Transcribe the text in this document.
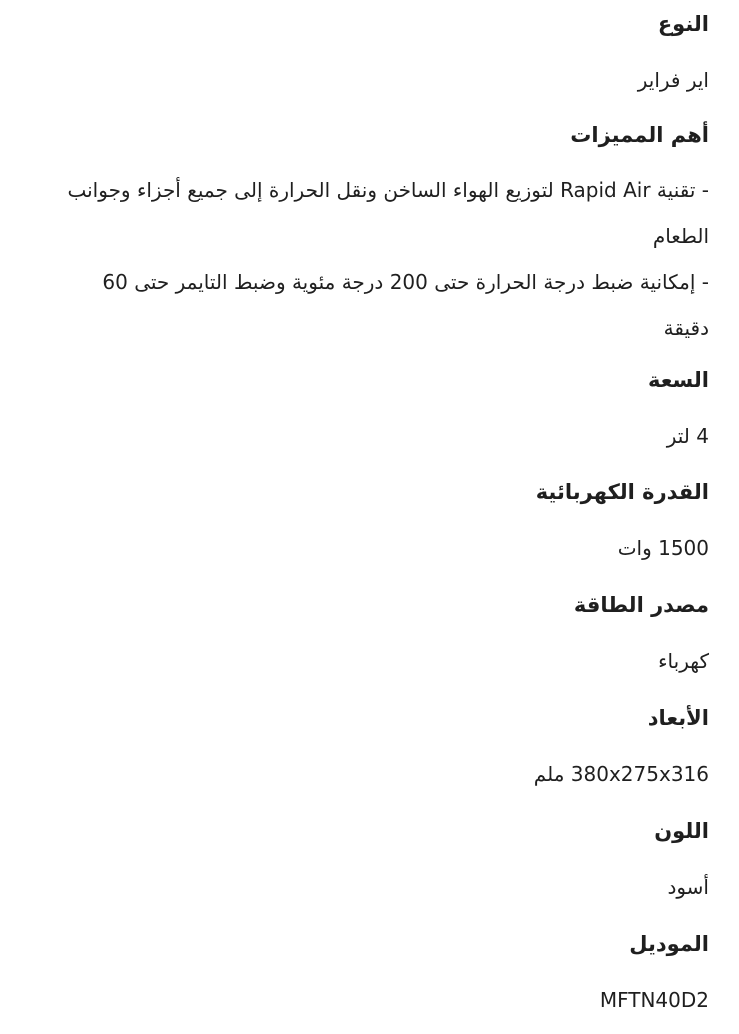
النوع

اير فراير

أهم المميزات

- تقنية Rapid Air لتوزيع الهواء الساخن ونقل الحرارة إلى جميع أجزاء وجوانب

الطعام

- إمكانية ضبط درجة الحرارة حتى 200 درجة مئوية وضبط التايمر حتى 60

دقيقة

السعة

4 لتر

القدرة الكهربائية

1500 وات

مصدر الطاقة

كهرباء

الأبعاد

380x275x316 ملم

اللون

أسود

الموديل

MFTN40D2
